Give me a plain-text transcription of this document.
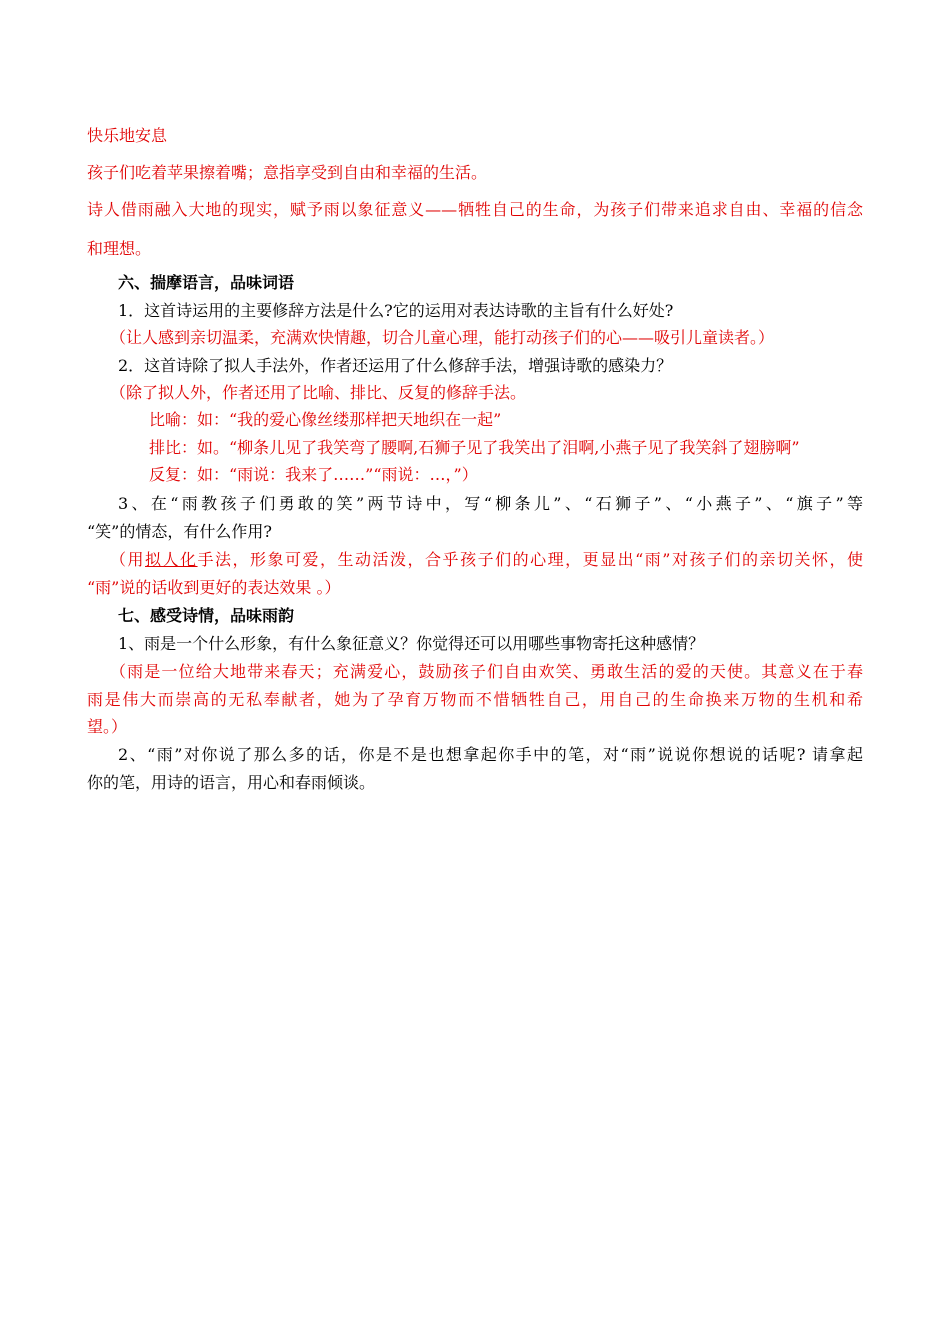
快乐地安息
孩子们吃着苹果擦着嘴；意指享受到自由和幸福的生活。
诗人借雨融入大地的现实，赋予雨以象征意义——牺牲自己的生命，为孩子们带来追求自由、幸福的信念
和理想。
六、揣摩语言，品味词语
1．这首诗运用的主要修辞方法是什么?它的运用对表达诗歌的主旨有什么好处?
（让人感到亲切温柔，充满欢快情趣，切合儿童心理，能打动孩子们的心——吸引儿童读者。）
2．这首诗除了拟人手法外，作者还运用了什么修辞手法，增强诗歌的感染力？
（除了拟人外，作者还用了比喻、排比、反复的修辞手法。
比喻：如：“我的爱心像丝缕那样把天地织在一起”
排比：如。“柳条儿见了我笑弯了腰啊,石狮子见了我笑出了泪啊,小燕子见了我笑斜了翅膀啊”
反复：如：“雨说：我来了……”“雨说：…，”）
3、在“雨教孩子们勇敢的笑”两节诗中，写“柳条儿”、“石狮子”、“小燕子”、“旗子”等
“笑”的情态，有什么作用?
（用拟人化手法，形象可爱，生动活泼，合乎孩子们的心理，更显出“雨”对孩子们的亲切关怀，使
“雨”说的话收到更好的表达效果 。）
七、感受诗情，品味雨韵
1、雨是一个什么形象，有什么象征意义？你觉得还可以用哪些事物寄托这种感情？
（雨是一位给大地带来春天；充满爱心，鼓励孩子们自由欢笑、勇敢生活的爱的天使。其意义在于春
雨是伟大而崇高的无私奉献者，她为了孕育万物而不惜牺牲自己，用自己的生命换来万物的生机和希
望。）
2、“雨”对你说了那么多的话，你是不是也想拿起你手中的笔，对“雨”说说你想说的话呢? 请拿起
你的笔，用诗的语言，用心和春雨倾谈。
